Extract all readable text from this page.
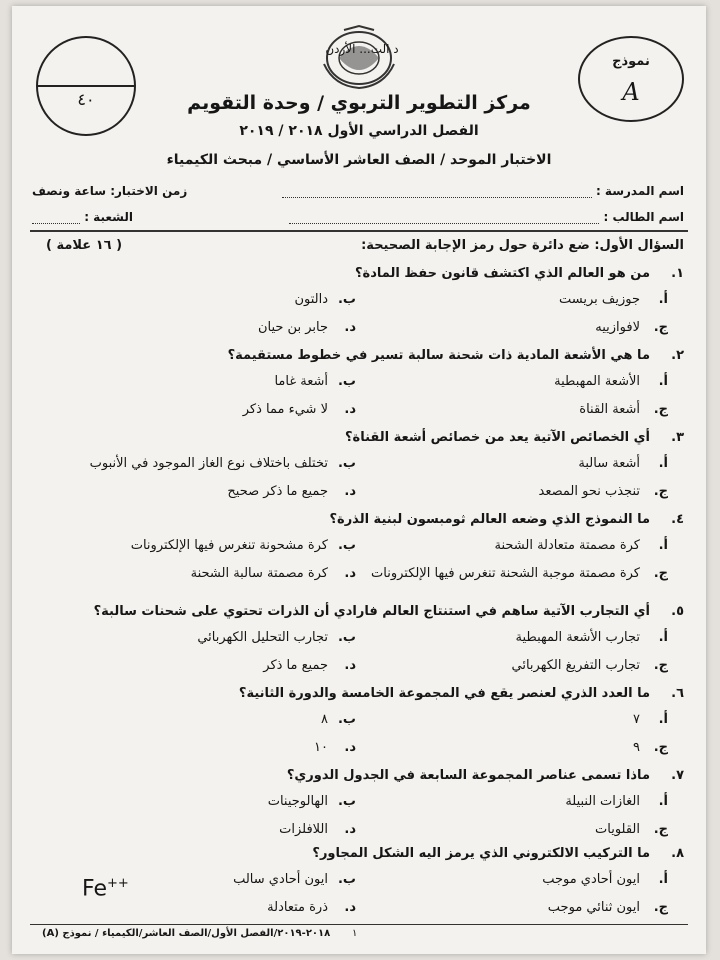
٤٠
نموذج
A
د الت... الأردن
مركز التطوير التربوي / وحدة التقويم
الفصل الدراسي الأول ٢٠١٨ / ٢٠١٩
الاختبار الموحد / الصف العاشر الأساسي / مبحث الكيمياء
اسم المدرسة :
اسم الطالب :
زمن الاختبار: ساعة ونصف
الشعبة :
السؤال الأول: ضع دائرة حول رمز الإجابة الصحيحة:
( ١٦ علامة )
١.من هو العالم الذي اكتشف قانون حفظ المادة؟
أ.جوزيف بريست
ب.دالتون
ج.لافوازييه
د.جابر بن حيان
٢.ما هي الأشعة المادية ذات شحنة سالبة تسير في خطوط مستقيمة؟
أ.الأشعة المهبطية
ب.أشعة غاما
ج.أشعة القناة
د.لا شيء مما ذكر
٣.أي الخصائص الآتية يعد من خصائص أشعة القناة؟
أ.أشعة سالبة
ب.تختلف باختلاف نوع الغاز الموجود في الأنبوب
ج.تنجذب نحو المصعد
د.جميع ما ذكر صحيح
٤.ما النموذج الذي وضعه العالم ثومبسون لبنية الذرة؟
أ.كرة مصمتة متعادلة الشحنة
ب.كرة مشحونة تنغرس فيها الإلكترونات
ج.كرة مصمتة موجبة الشحنة تنغرس فيها الإلكترونات
د.كرة مصمتة سالبة الشحنة
٥.أي التجارب الآتية ساهم في استنتاج العالم فارادي أن الذرات تحتوي على شحنات سالبة؟
أ.تجارب الأشعة المهبطية
ب.تجارب التحليل الكهربائي
ج.تجارب التفريغ الكهربائي
د.جميع ما ذكر
٦.ما العدد الذري لعنصر يقع في المجموعة الخامسة والدورة الثانية؟
أ.٧
ب.٨
ج.٩
د.١٠
٧.ماذا تسمى عناصر المجموعة السابعة في الجدول الدوري؟
أ.الغازات النبيلة
ب.الهالوجينات
ج.القلويات
د.اللافلزات
٨.ما التركيب الالكتروني الذي يرمز اليه الشكل المجاور؟
أ.ايون أحادي موجب
ب.ايون أحادي سالب
ج.ايون ثنائي موجب
د.ذرة متعادلة
Fe++
٢٠١٨-٢٠١٩/الفصل الأول/الصف العاشر/الكيمياء / نموذج (A) ١
